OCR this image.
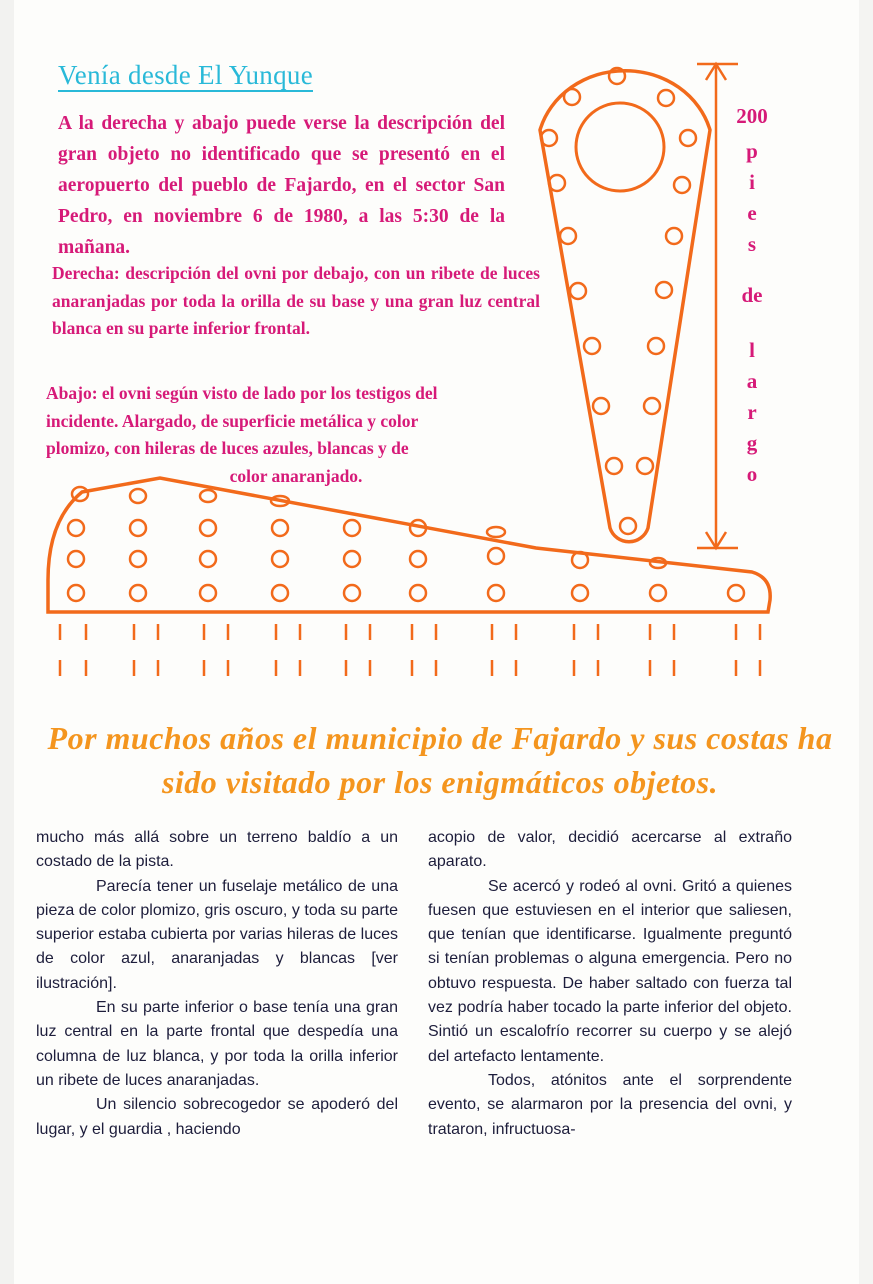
Venía desde El Yunque
A la derecha y abajo puede verse la descripción del gran objeto no identificado que se presentó en el aeropuerto del pueblo de Fajardo, en el sector San Pedro, en noviembre 6 de 1980, a las 5:30 de la mañana.
Derecha: descripción del ovni por debajo, con un ribete de luces anaranjadas por toda la orilla de su base y una gran luz central blanca en su parte inferior frontal.
Abajo: el ovni según visto de lado por los testigos del
incidente. Alargado, de superficie metálica y color
plomizo, con hileras de luces azules, blancas y de
color anaranjado.
200
p
i
e
s
de
l
a
r
g
o
Por muchos años el municipio de Fajardo y sus costas ha sido visitado por los enigmáticos objetos.

mucho más allá sobre un terreno baldío a un costado de la pista.

Parecía tener un fuselaje metálico de una pieza de color plomizo, gris oscuro, y toda su parte superior estaba cubierta por varias hileras de luces de color azul, anaranjadas y blancas [ver ilustración].

En su parte inferior o base tenía una gran luz central en la parte frontal que despedía una columna de luz blanca, y por toda la orilla inferior un ribete de luces anaranjadas.

Un silencio sobrecogedor se apoderó del lugar, y el guardia , haciendo

acopio de valor, decidió acercarse al extraño aparato.

Se acercó y rodeó al ovni. Gritó a quienes fuesen que estuviesen en el interior que saliesen, que tenían que identificarse. Igualmente preguntó si tenían problemas o alguna emergencia. Pero no obtuvo respuesta. De haber saltado con fuerza tal vez podría haber tocado la parte inferior del objeto. Sintió un escalofrío recorrer su cuerpo y se alejó del artefacto lentamente.

Todos, atónitos ante el sorprendente evento, se alarmaron por la presencia del ovni, y trataron, infructuosa-
